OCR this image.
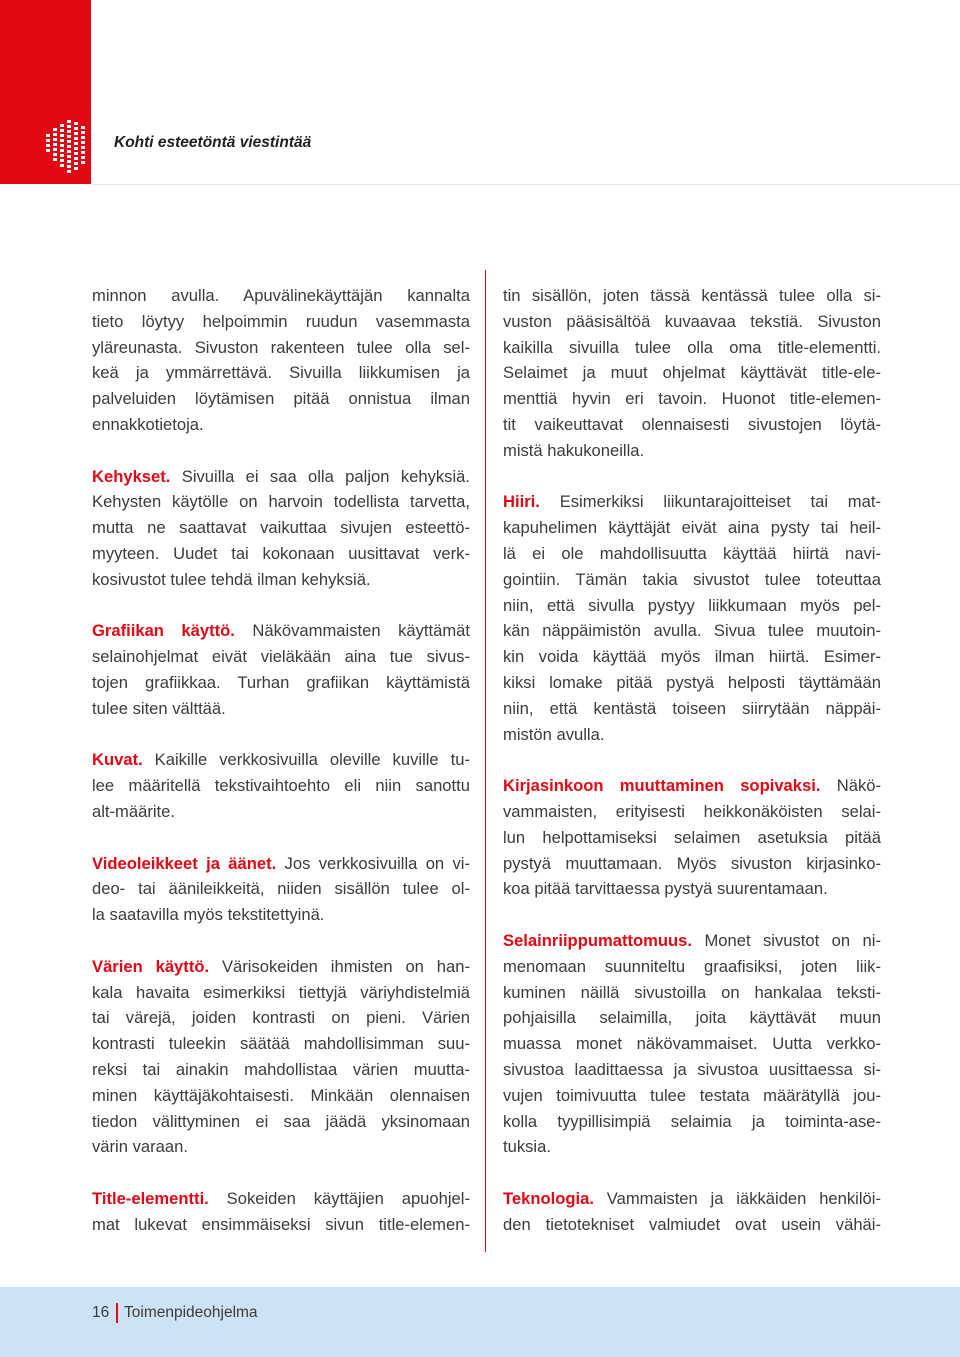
Kohti esteetöntä viestintää
minnon avulla. Apuvälinekäyttäjän kannalta
tieto löytyy helpoimmin ruudun vasemmasta
yläreunasta. Sivuston rakenteen tulee olla sel-
keä ja ymmärrettävä. Sivuilla liikkumisen ja
palveluiden löytämisen pitää onnistua ilman
ennakkotietoja.
Kehykset. Sivuilla ei saa olla paljon kehyksiä.
Kehysten käytölle on harvoin todellista tarvetta,
mutta ne saattavat vaikuttaa sivujen esteettö-
myyteen. Uudet tai kokonaan uusittavat verk-
kosivustot tulee tehdä ilman kehyksiä.
Grafiikan käyttö. Näkövammaisten käyttämät
selainohjelmat eivät vieläkään aina tue sivus-
tojen grafiikkaa. Turhan grafiikan käyttämistä
tulee siten välttää.
Kuvat. Kaikille verkkosivuilla oleville kuville tu-
lee määritellä tekstivaihtoehto eli niin sanottu
alt-määrite.
Videoleikkeet ja äänet. Jos verkkosivuilla on vi-
deo- tai äänileikkeitä, niiden sisällön tulee ol-
la saatavilla myös tekstitettyinä.
Värien käyttö. Värisokeiden ihmisten on han-
kala havaita esimerkiksi tiettyjä väriyhdistelmiä
tai värejä, joiden kontrasti on pieni. Värien
kontrasti tuleekin säätää mahdollisimman suu-
reksi tai ainakin mahdollistaa värien muutta-
minen käyttäjäkohtaisesti. Minkään olennaisen
tiedon välittyminen ei saa jäädä yksinomaan
värin varaan.
Title-elementti. Sokeiden käyttäjien apuohjel-
mat lukevat ensimmäiseksi sivun title-elemen-
tin sisällön, joten tässä kentässä tulee olla si-
vuston pääsisältöä kuvaavaa tekstiä. Sivuston
kaikilla sivuilla tulee olla oma title-elementti.
Selaimet ja muut ohjelmat käyttävät title-ele-
menttiä hyvin eri tavoin. Huonot title-elemen-
tit vaikeuttavat olennaisesti sivustojen löytä-
mistä hakukoneilla.
Hiiri. Esimerkiksi liikuntarajoitteiset tai mat-
kapuhelimen käyttäjät eivät aina pysty tai heil-
lä ei ole mahdollisuutta käyttää hiirtä navi-
gointiin. Tämän takia sivustot tulee toteuttaa
niin, että sivulla pystyy liikkumaan myös pel-
kän näppäimistön avulla. Sivua tulee muutoin-
kin voida käyttää myös ilman hiirtä. Esimer-
kiksi lomake pitää pystyä helposti täyttämään
niin, että kentästä toiseen siirrytään näppäi-
mistön avulla.
Kirjasinkoon muuttaminen sopivaksi. Näkö-
vammaisten, erityisesti heikkonäköisten selai-
lun helpottamiseksi selaimen asetuksia pitää
pystyä muuttamaan. Myös sivuston kirjasinko-
koa pitää tarvittaessa pystyä suurentamaan.
Selainriippumattomuus. Monet sivustot on ni-
menomaan suunniteltu graafisiksi, joten liik-
kuminen näillä sivustoilla on hankalaa teksti-
pohjaisilla selaimilla, joita käyttävät muun
muassa monet näkövammaiset. Uutta verkko-
sivustoa laadittaessa ja sivustoa uusittaessa si-
vujen toimivuutta tulee testata määrätyllä jou-
kolla tyypillisimpiä selaimia ja toiminta-ase-
tuksia.
Teknologia. Vammaisten ja iäkkäiden henkilöi-
den tietotekniset valmiudet ovat usein vähäi-
16 Toimenpideohjelma
